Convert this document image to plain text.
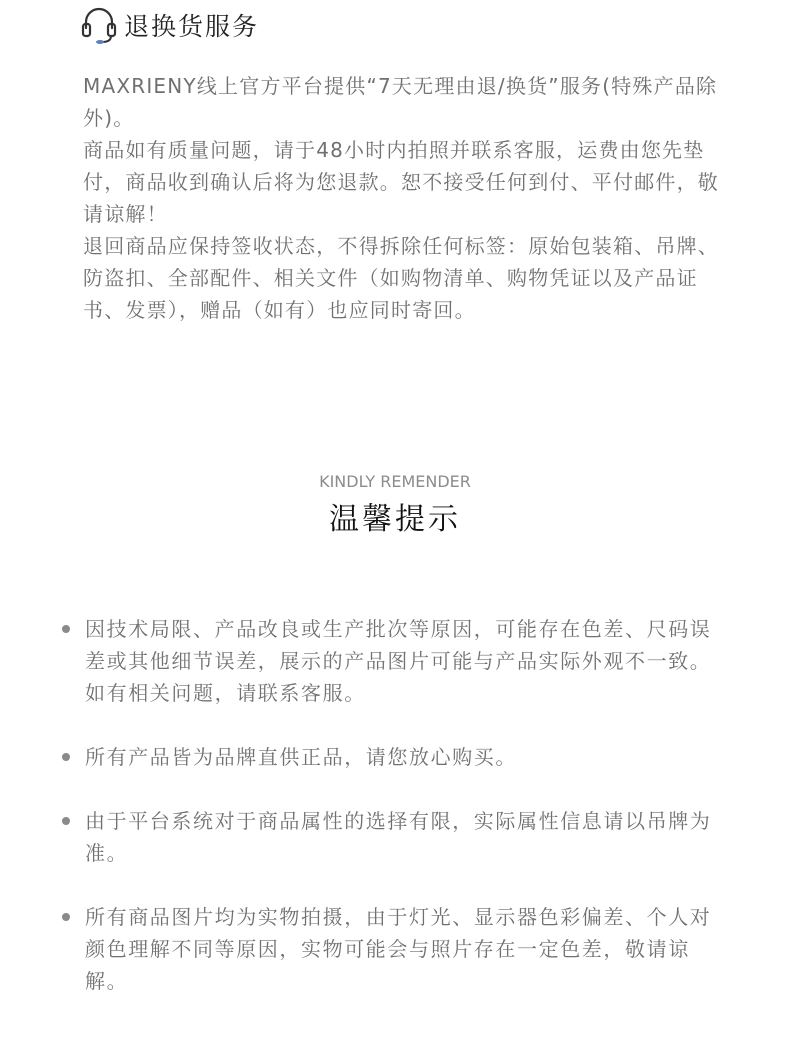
退换货服务

MAXRIENY线上官方平台提供“7天无理由退/换货”服务(特殊产品除外)。

商品如有质量问题，请于48小时内拍照并联系客服，运费由您先垫付，商品收到确认后将为您退款。恕不接受任何到付、平付邮件，敬请谅解！

退回商品应保持签收状态，不得拆除任何标签：原始包装箱、吊牌、防盗扣、全部配件、相关文件（如购物清单、购物凭证以及产品证书、发票），赠品（如有）也应同时寄回。

KINDLY REMENDER
温馨提示
因技术局限、产品改良或生产批次等原因，可能存在色差、尺码误差或其他细节误差，展示的产品图片可能与产品实际外观不一致。如有相关问题，请联系客服。
所有产品皆为品牌直供正品，请您放心购买。
由于平台系统对于商品属性的选择有限，实际属性信息请以吊牌为准。
所有商品图片均为实物拍摄，由于灯光、显示器色彩偏差、个人对颜色理解不同等原因，实物可能会与照片存在一定色差，敬请谅解。
